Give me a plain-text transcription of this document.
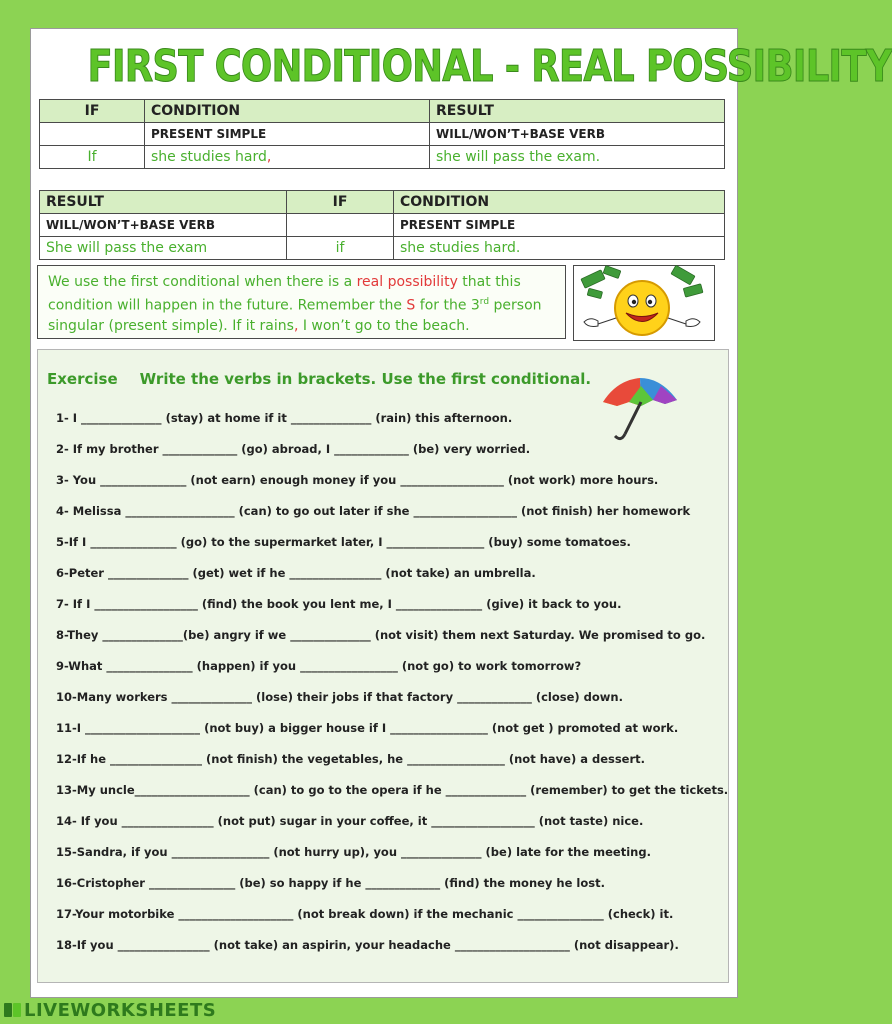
FIRST CONDITIONAL - REAL POSSIBILITY
IF	CONDITION	RESULT
	PRESENT SIMPLE	WILL/WON’T+BASE VERB
If	she studies hard,	she will pass the exam.
RESULT	IF	CONDITION
WILL/WON’T+BASE VERB		PRESENT SIMPLE
She will pass the exam	if	she studies hard.
We use the first conditional when there is a real possibility that this condition will happen in the future. Remember the S for the 3rd person singular (present simple). If it rains, I won’t go to the beach.
Exercise Write the verbs in brackets. Use the first conditional.
1- I ______________ (stay) at home if it ______________ (rain) this afternoon.
2- If my brother _____________ (go) abroad, I _____________ (be) very worried.
3- You _______________ (not earn) enough money if you __________________ (not work) more hours.
4- Melissa ___________________ (can) to go out later if she __________________ (not finish) her homework
5-If I _______________ (go) to the supermarket later, I _________________ (buy) some tomatoes.
6-Peter ______________ (get) wet if he ________________ (not take) an umbrella.
7- If I __________________ (find) the book you lent me, I _______________ (give) it back to you.
8-They ______________(be) angry if we ______________ (not visit) them next Saturday. We promised to go.
9-What _______________ (happen) if you _________________ (not go) to work tomorrow?
10-Many workers ______________ (lose) their jobs if that factory _____________ (close) down.
11-I ____________________ (not buy) a bigger house if I _________________ (not get ) promoted at work.
12-If he ________________ (not finish) the vegetables, he _________________ (not have) a dessert.
13-My uncle____________________ (can) to go to the opera if he ______________ (remember) to get the tickets.
14- If you ________________ (not put) sugar in your coffee, it __________________ (not taste) nice.
15-Sandra, if you _________________ (not hurry up), you ______________ (be) late for the meeting.
16-Cristopher _______________ (be) so happy if he _____________ (find) the money he lost.
17-Your motorbike ____________________ (not break down) if the mechanic _______________ (check) it.
18-If you ________________ (not take) an aspirin, your headache ____________________ (not disappear).
LIVEWORKSHEETS
